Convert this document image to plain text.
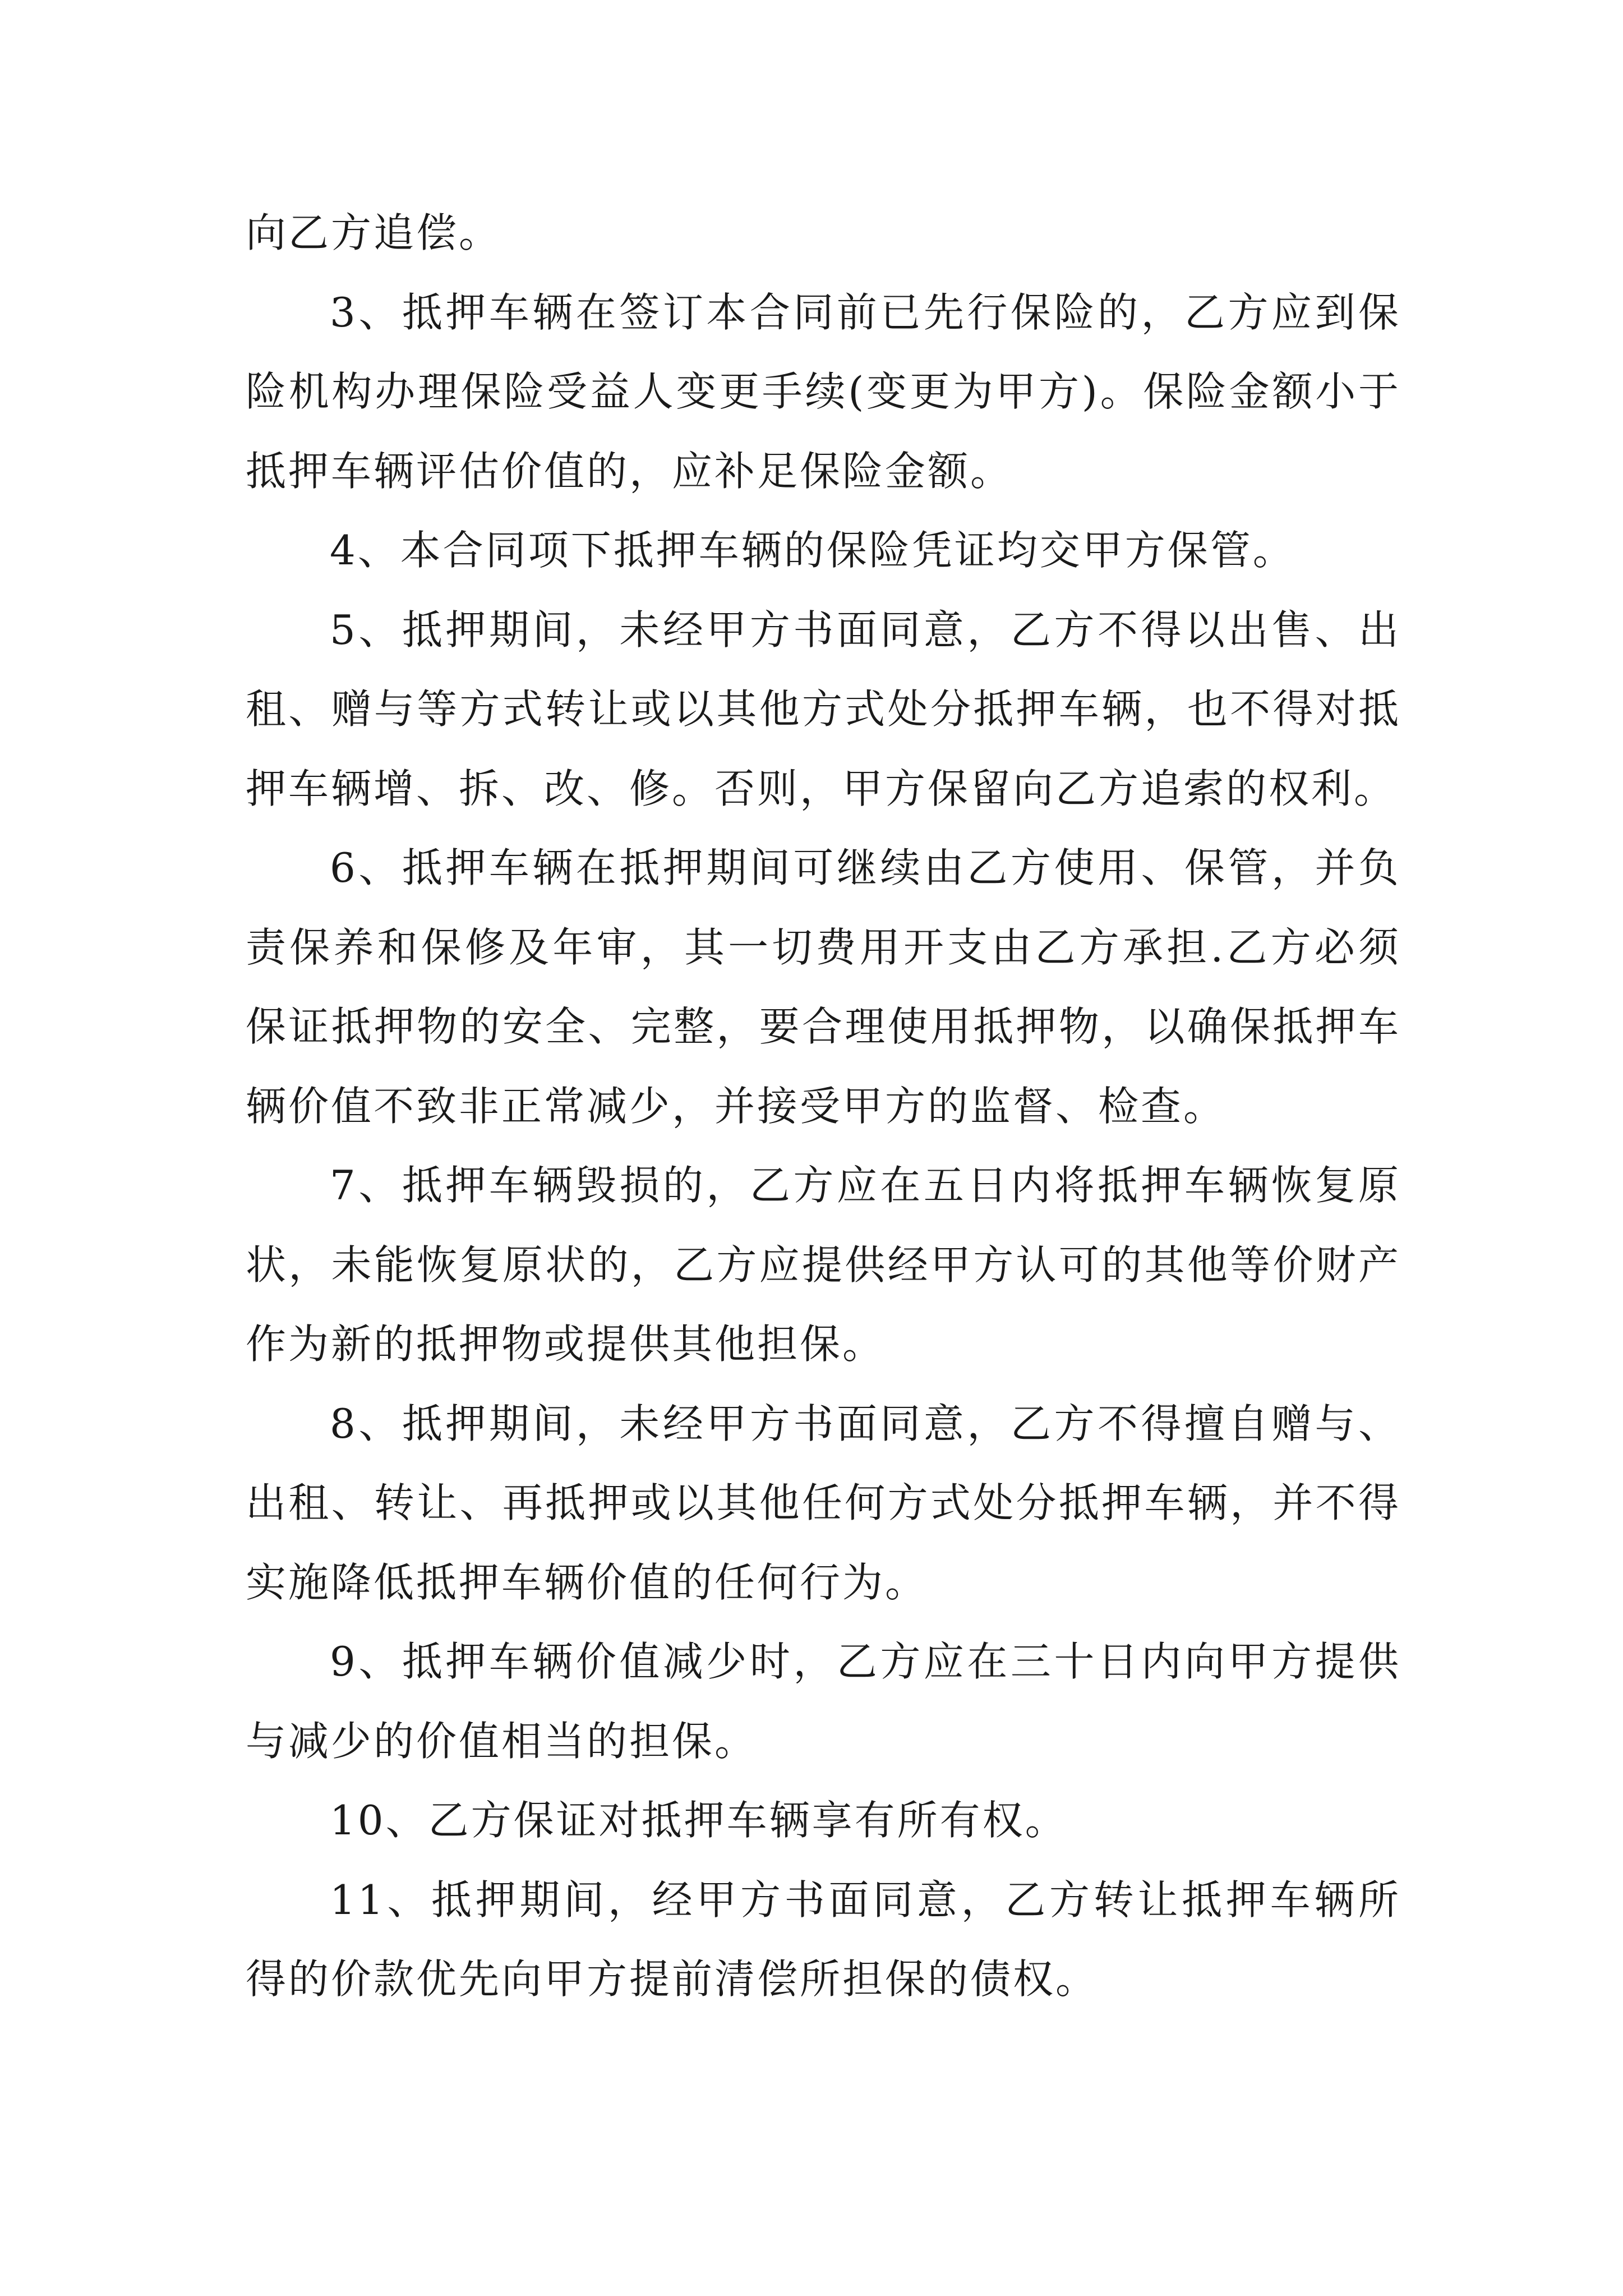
向乙方追偿。

3、抵押车辆在签订本合同前已先行保险的，乙方应到保险机构办理保险受益人变更手续(变更为甲方)。保险金额小于抵押车辆评估价值的，应补足保险金额。

4、本合同项下抵押车辆的保险凭证均交甲方保管。

5、抵押期间，未经甲方书面同意，乙方不得以出售、出租、赠与等方式转让或以其他方式处分抵押车辆，也不得对抵押车辆增、拆、改、修。否则，甲方保留向乙方追索的权利。

6、抵押车辆在抵押期间可继续由乙方使用、保管，并负责保养和保修及年审，其一切费用开支由乙方承担.乙方必须保证抵押物的安全、完整，要合理使用抵押物，以确保抵押车辆价值不致非正常减少，并接受甲方的监督、检查。

7、抵押车辆毁损的，乙方应在五日内将抵押车辆恢复原状，未能恢复原状的，乙方应提供经甲方认可的其他等价财产作为新的抵押物或提供其他担保。

8、抵押期间，未经甲方书面同意，乙方不得擅自赠与、出租、转让、再抵押或以其他任何方式处分抵押车辆，并不得实施降低抵押车辆价值的任何行为。

9、抵押车辆价值减少时，乙方应在三十日内向甲方提供与减少的价值相当的担保。

10、乙方保证对抵押车辆享有所有权。

11、抵押期间，经甲方书面同意，乙方转让抵押车辆所得的价款优先向甲方提前清偿所担保的债权。
